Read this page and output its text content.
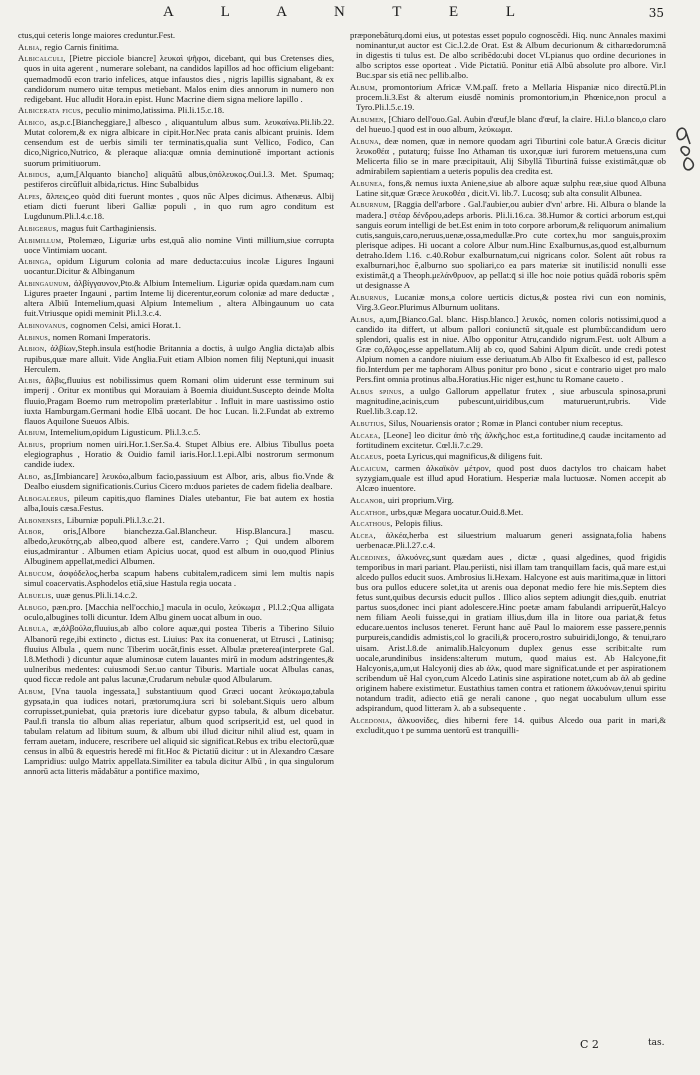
A L A N T E L	35

ctus,qui ceteris longe maiores creduntur.Fest.

Albia, regio Carnis finitima.

Albicalculi, [Pietre picciole biancre] λευκαὶ ψῆφοι, dicebant, qui bus Cretenses dies, quos in uita agerent , numerare solebant, na candidos lapillos ad hoc officium eligebant: quemadmodū econ trario infelices, atque infaustos dies , nigris lapillis signabant, & ex candidorum numero uitæ tempus metiebant. Malos enim dies annorum in numero non redigebant. Huc alludit Hora.in epist. Hunc Macrine diem signa meliore lapillo .

Albicerata ficus, peculio minimo,latissima. Pli.li.15.c.18.

Albico, as,p.c.[Biancheggiare,] albesco , aliquantulum albus sum. λευκαίνω.Pli.lib.22. Mutat colorem,& ex nigra albicare in cipit.Hor.Nec prata canis albicant pruinis. Idem censendum est de uerbis simili ter terminatis,qualia sunt Vellico, Fodico, Can dico,Nigrico,Nutrico, & pleraque alia:quæ omnia deminutionē important actionis suorum primitiuorum.

Albidus, a,um,[Alquanto biancho] aliquātū albus,ὑπόλευκος.Oui.l.3. Met. Spumaq; pestiferos circūfluit albida,rictus. Hinc Subalbidus

Alpes, ἄλπεις,eo quòd diti fuerunt montes , quos nūc Alpes dicimus. Athenæus. Albij etiam dicti fuerunt liberi Galliæ populi , in quo rum agro conditum est Lugdunum.Pli.l.4.c.18.

Albigerus, magus fuit Carthaginiensis.

Albimillum, Ptolemæo, Liguriæ urbs est,quã alio nomine Vinti millium,siue corrupta uoce Vintimiam uocant.

Albinga, opidum Ligurum colonia ad mare deducta:cuius incolæ Ligures Ingauni uocantur.Dicitur & Albinganum

Albingaunum, ἀλβίγγαυνον,Pto.& Albium Intemelium. Liguriæ opida quædam.nam cum Ligures praeter Ingauni , partim Inteme lij dicerentur,eorum coloniæ ad mare deductæ , altera Albiū Intemelium,quasi Alpium Intemelium , altera Albingaunum uo cata fuit.Vtriusque opidi meminit Pli.l.3.c.4.

Albinovanus, cognomen Celsi, amici Horat.1.

Albinus, nomen Romani Imperatoris.

Albion, ἀλβίων,Steph.insula est(hodie Britannia a doctis, à uulgo Anglia dicta)ab albis rupibus,quæ mare alluit. Vide Anglia.Fuit etiam Albion nomen filij Neptuni,qui inuasit Herculem.

Albis, ἄλβις,fluuius est nobilissimus quem Romani olim uiderunt esse terminum sui imperij . Oritur ex montibus qui Morauiam à Boemia diuidunt.Suscepto deinde Molta fluuio,Pragam Boemo rum metropolim præterlabitur . Influit in mare uastissimo ostio iuxta Hamburgam.Germani hodie Elbā uocant. De hoc Lucan. li.2.Fundat ab extremo flauos Aquilone Sueuos Albis.

Albium, Intemelium,opidum Ligusticum. Pli.l.3.c.5.

Albius, proprium nomen uiri.Hor.1.Ser.Sa.4. Stupet Albius ere. Albius Tibullus poeta elegiographus , Horatio & Ouidio famil iaris.Hor.l.1.epi.Albi nostrorum sermonum candide iudex.

Albo, as,[Imbiancare] λευκόω,album facio,passiuum est Albor, aris, albus fio.Vnde & Dealbo eiusdem significationis.Curius Cicero m:duos parietes de cadem fidelia dealbare.

Albogalerus, pileum capitis,quo flamines Diales utebantur, Fie bat autem ex hostia alba,Iouis cæsa.Festus.

Albonenses, Liburniæ populi.Pli.l.3.c.21.

Albor, oris,[Albore bianchezza.Gal.Blancheur. Hisp.Blancura.] mascu. albedo,λευκότης,ab albeo,quod albere est, candere.Varro ; Qui undem alborem eius,admirantur . Albumen etiam Apicius uocat, quod est album in ouo,quod Plinius Albuginem appellat,medici Albumen.

Albucum, ἀσφόδελος,herba scapum habens cubitalem,radicem simi lem multis napis simul coacervatis.Asphodelos etiā,siue Hastula regia uocata .

Albuelis, uuæ genus.Pli.li.14.c.2.

Albugo, pæn.pro. [Macchia nell'occhio,] macula in oculo, λεύκωμα , Pl.l.2.;Qua alligata oculo,albugines tolli dicuntur. Idem Albu ginem uocat album in ouo.

Albula, æ,ἀλβούλα,fluuius,ab albo colore aquæ,qui postea Tiberis a Tiberino Siluio Albanorū rege,ibi extincto , dictus est. Liuius: Pax ita conuenerat, ut Etrusci , Latinisq; fluuius Albula , quem nunc Tiberim uocāt,finis esset. Albulæ præterea(interprete Gal. l.8.Methodi ) dicuntur aquæ aluminosæ cutem lauantes mirū in modum adstringentes,& uulneribus medentes: cuiusmodi Ser.uo cantur Tiburis. Martiale uocat Albulas canas, quod ficcæ redole ant palus lacunæ,Crudarum nebulæ quod Albularum.

Album, [Vna tauola ingessata,] substantiuum quod Græci uocant λεύκωμα,tabula gypsata,in qua iudices notari, prætorumq.iura scri bi solebant.Siquis uero album corrupisset,puniebat, quia prætoris iure dicebatur gypso tabula, & album dicebatur. Paul.fi transla tio album alias reperiatur, album quod scripserit,id est, uel quod in tabulam relatum ad libitum suum, & album ubi illud dicitur nihil aliud est, quam in ferram auetam, inducere, rescribere uel aliquid sic significat.Rebus ex tribu electorū,quæ census in albū & equestris heredē mi fit.Hoc & Pictatiū dicitur : ut in Alexandro Cæsare Lampridius: uulgo Matrix appellata.Similiter ea tabula dicitur Albū , in qua singulorum annorū acta litteris mādabātur a pontifice maximo,

præponebāturq.domi eius, ut potestas esset populo cognoscēdi. Hiq. nunc Annales maximi nominantur,ut auctor est Cic.l.2.de Orat. Est & Album decurionum & citharœdorum:nā in digestis ti tulus est. De albo scribēdo:ubi docet VLpianus quo ordine decuriones in albo scriptos esse oporteat . Vide Pictatiū. Ponitur etiā Albū absolute pro albore. Vir.l Buc.spar sis etiā nec pellib.albo.

Album, promontorium Africæ V.M.paſſ. freto a Mellaria Hispaniæ nico directū.Pl.in procem.li.3.Est & alterum eiusdē nominis promontorium,in Phœnice,non procul a Tyro.Pli.l.5.c.19.

Albumen, [Chiaro dell'ouo.Gal. Aubin d'œuf,le blanc d'œuf, la claire. Hi.l.o blanco,o claro del hueuo.] quod est in ouo album, λεύκωμα.

Albuna, deæ nomen, quæ in nemore quodam agri Tiburtini cole batur.A Græcis dicitur λευκοθέα , putaturq; fuisse Ino Athaman tis uxor,quæ iuri furorem metuens,una cum Melicerta filio se in mare præcipitauit, Alij Sibyllā Tiburtinā fuisse existimāt,quæ ob admirabilem sapientiam a ueteris populis dea credita est.

Albunea, fons,& nemus iuxta Aniene,siue ab albore aquæ sulphu reæ,siue quod Albuna Latine sit,quæ Græce λευκοθέα , dicit.Vi. lib.7. Lucosq; sub alta consulit Albunea.

Alburnum, [Raggia dell'arbore . Gal.l'aubier,ou aubier d'vn' arbre. Hi. Albura o blande la madera.] στέαρ δένδρου,adeps arboris. Pli.li.16.ca. 38.Humor & cortici arborum est,qui sanguis eorum intelligi de bet.Est enim in toto corpore arborum,& reliquorum animalium cutis,sanguis,caro,neruus,uenæ,ossa,medullæ.Pro cute cortex,hu mor sanguis,proxim plerisque adipes. Hi uocant a colore Albur num.Hinc Exalburnus,as,quod est,alburnum detraho.Idem l.16. c.40.Robur exalburnatum,cui nigricans color. Solent aūt robus ra exalburnari,hoc ē,alburno suo spoliari,co ea pars materiæ sit inutilis:id nonulli esse existimāt,q̄ a Theoph.μελάνθρυον, ap pellat:q̄ si ille hoc noie potius quādā roboris spēm ut designasse A

Alburnus, Lucaniæ mons,a colore uerticis dictus,& postea rivi cun eon nominis, Virg.3.Geor.Plurimus Alburnum uolitans.

Albus, a,um,[Bianco.Gal. blanc. Hisp.blanco.] λευκός, nomen coloris notissimi,quod a candido ita differt, ut album pallori coniunctū sit,quale est plumbū:candidum uero splendori, qualis est in niue. Albo opponitur Atru,candido nigrum.Fest. uolt Album a Græ co,ἄλφος,esse appellatum.Alij ab co, quod Sabini Alpum dicūt. unde credi potest Alpium nomen a candore niuium esse deriuatum.Ab Albo fit Exalbesco id est, pallesco fio.Interdum per me taphoram Albus ponitur pro bono , sicut e contrario uiget pro malo Pers.fint omnia protinus alba.Horatius.Hic niger est,hunc tu Romane caueto .

Albus spinus, a uulgo Gallorum appellatur frutex , siue arbuscula spinosa,pruni magnitudine,acinis,cum pubescunt,uiridibus,cum maturuerunt,rubris. Vide Ruel.lib.3.cap.12.

Albutius, Silus, Nouariensis orator ; Romæ in Planci contuber nium receptus.

Alcaea, [Leone] leo dicitur ἀπὸ τῆς ἀλκῆς,hoc est,a fortitudine,q̄ caudæ incitamento ad fortitudinem excitetur. Cœl.li.7.c.29.

Alcaeus, poeta Lyricus,qui magnificus,& diligens fuit.

Alcaicum, carmen ἀλκαϊκὸν μέτρον, quod post duos dactylos tro chaicam habet syzygiam,quale est illud apud Horatium. Hesperiæ mala luctuosæ. Nomen accepit ab Alcæo inuentore.

Alcanor, uiri proprium.Virg.

Alcathoe, urbs,quæ Megara uocatur.Ouid.8.Met.

Alcathous, Pelopis filius.

Alcea, ἀλκέα,herba est siluestrium maluarum generi assignata,folia habens uerbenacæ.Pli.l.27.c.4.

Alcedines, ἀλκυόνες,sunt quædam aues , dictæ , quasi algedines, quod frigidis temporibus in mari pariant. Plau.periisti, nisi illam tam tranquillam facis, quā mare est,ui alcedo pullos educit suos. Ambrosius li.Hexam. Halcyone est auis maritima,quæ in littori bus ora pullos educere solet,ita ut arenis oua deponat medio fere hie mis.Septem dies fetus sunt,quibus decursis educit pullos . Illico alios septem adiungit dies,quib. enutriat partus suos,donec inci piant adolescere.Hinc poetæ amam fabulandi arripuerūt,Halcyo nem filiam Aeoli fuisse,qui in gratiam illius,dum illa in litore oua pariat,& fetus educare.uentos inclusos teneret. Ferunt hanc auē Paul lo maiorem esse passere,pennis purpureis,candidis admistis,col lo gracili,& procero,rostro subuiridi,longo, & tenui,raro uisam. Arist.l.8.de animalib.Halcyonum duplex genus esse scribit:alte rum uocale,arundinibus insidens:alterum mutum, quod maius est. Ab Halcyone,fit Halcyonis,a,um,ut Halcyonij dies ab ἀλκ, quod mare significat.unde et per aspirationem scribendum uē Hal cyon,cum Alcedo Latinis sine aspiratione notet,cum ab ἁλ ab gedine originem habere existimetur. Eustathius tamen contra et rationem ἀλκυόνων,tenui spiritu notandum tradit, adiecto etiā ge nerali canone , quo negat uocabulum ullum esse adspirandum, quod litteram λ. ab a subsequente .

Alcedonia, ἀλκυονίδες, dies hiberni fere 14. quibus Alcedo oua parit in mari,& excludit,quo t pe summa uentorū est tranquilli-

C 2	tas.
